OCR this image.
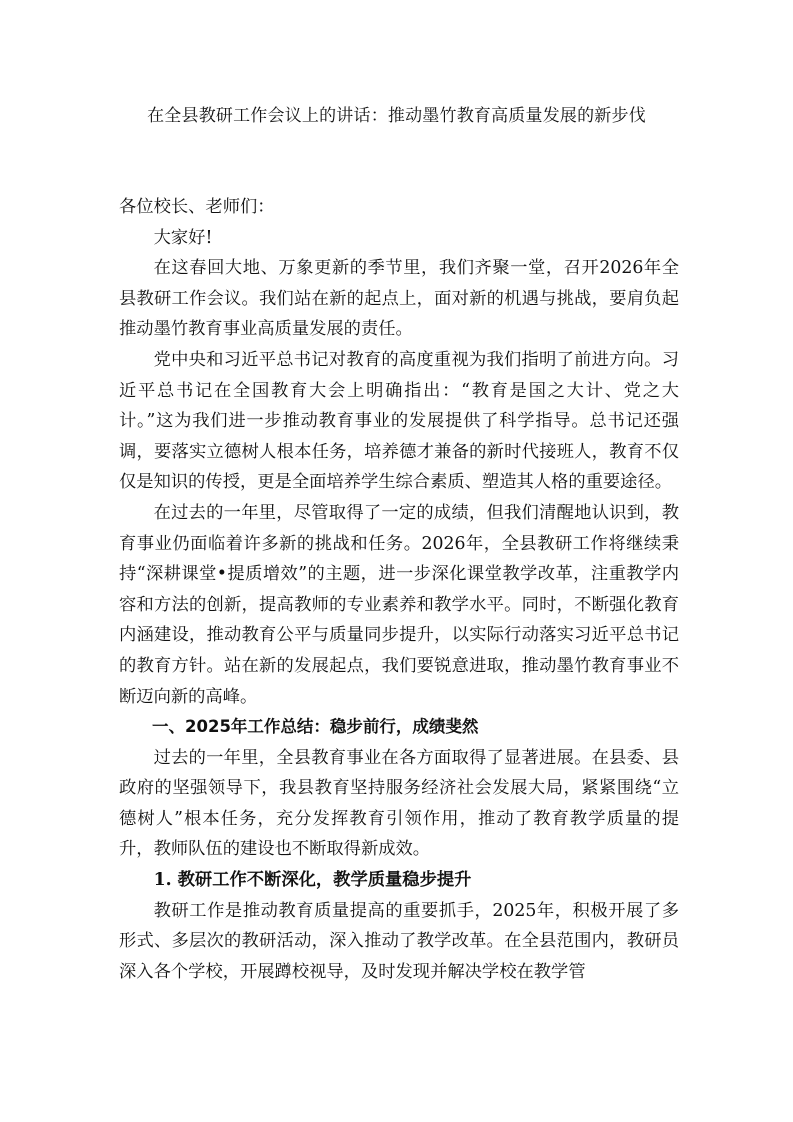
在全县教研工作会议上的讲话：推动墨竹教育高质量发展的新步伐

各位校长、老师们：

大家好!

在这春回大地、万象更新的季节里，我们齐聚一堂，召开2026年全县教研工作会议。我们站在新的起点上，面对新的机遇与挑战，要肩负起推动墨竹教育事业高质量发展的责任。

党中央和习近平总书记对教育的高度重视为我们指明了前进方向。习近平总书记在全国教育大会上明确指出：“教育是国之大计、党之大计。”这为我们进一步推动教育事业的发展提供了科学指导。总书记还强调，要落实立德树人根本任务，培养德才兼备的新时代接班人，教育不仅仅是知识的传授，更是全面培养学生综合素质、塑造其人格的重要途径。

在过去的一年里，尽管取得了一定的成绩，但我们清醒地认识到，教育事业仍面临着许多新的挑战和任务。2026年，全县教研工作将继续秉持“深耕课堂•提质增效”的主题，进一步深化课堂教学改革，注重教学内容和方法的创新，提高教师的专业素养和教学水平。同时，不断强化教育内涵建设，推动教育公平与质量同步提升，以实际行动落实习近平总书记的教育方针。站在新的发展起点，我们要锐意进取，推动墨竹教育事业不断迈向新的高峰。

一、2025年工作总结：稳步前行，成绩斐然

过去的一年里，全县教育事业在各方面取得了显著进展。在县委、县政府的坚强领导下，我县教育坚持服务经济社会发展大局，紧紧围绕“立德树人”根本任务，充分发挥教育引领作用，推动了教育教学质量的提升，教师队伍的建设也不断取得新成效。

1. 教研工作不断深化，教学质量稳步提升

教研工作是推动教育质量提高的重要抓手，2025年，积极开展了多形式、多层次的教研活动，深入推动了教学改革。在全县范围内，教研员深入各个学校，开展蹲校视导，及时发现并解决学校在教学管
